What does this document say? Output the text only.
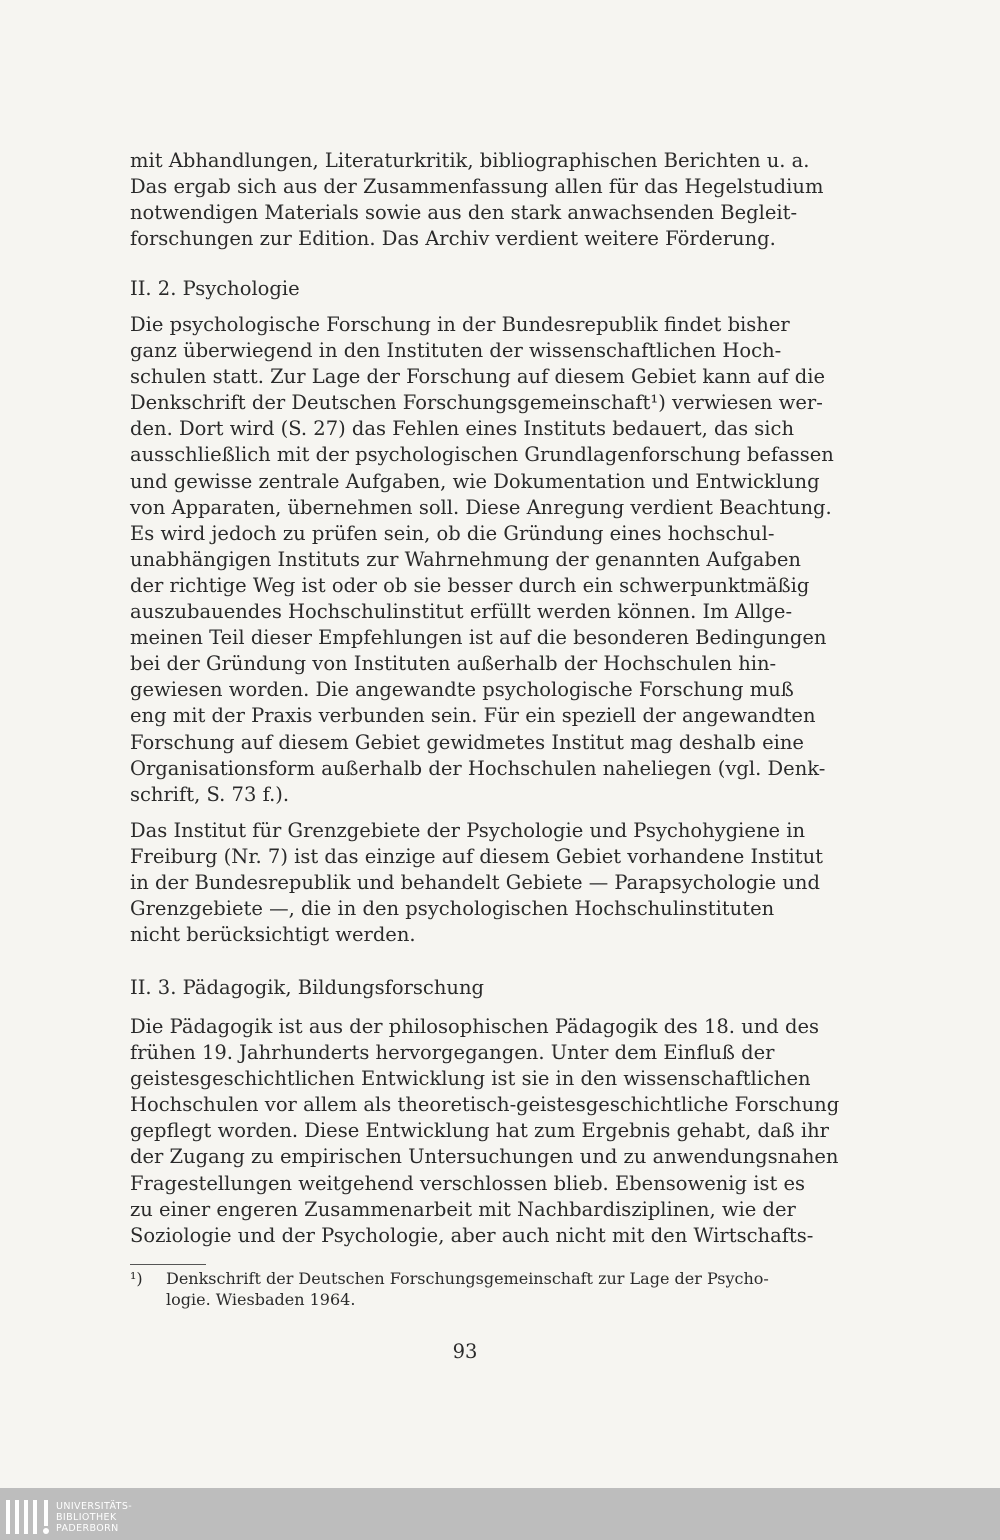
mit Abhandlungen, Literaturkritik, bibliographischen Berichten u. a.
Das ergab sich aus der Zusammenfassung allen für das Hegelstudium
notwendigen Materials sowie aus den stark anwachsenden Begleit-
forschungen zur Edition. Das Archiv verdient weitere Förderung.
II. 2. Psychologie
Die psychologische Forschung in der Bundesrepublik findet bisher
ganz überwiegend in den Instituten der wissenschaftlichen Hoch-
schulen statt. Zur Lage der Forschung auf diesem Gebiet kann auf die
Denkschrift der Deutschen Forschungsgemeinschaft¹) verwiesen wer-
den. Dort wird (S. 27) das Fehlen eines Instituts bedauert, das sich
ausschließlich mit der psychologischen Grundlagenforschung befassen
und gewisse zentrale Aufgaben, wie Dokumentation und Entwicklung
von Apparaten, übernehmen soll. Diese Anregung verdient Beachtung.
Es wird jedoch zu prüfen sein, ob die Gründung eines hochschul-
unabhängigen Instituts zur Wahrnehmung der genannten Aufgaben
der richtige Weg ist oder ob sie besser durch ein schwerpunktmäßig
auszubauendes Hochschulinstitut erfüllt werden können. Im Allge-
meinen Teil dieser Empfehlungen ist auf die besonderen Bedingungen
bei der Gründung von Instituten außerhalb der Hochschulen hin-
gewiesen worden. Die angewandte psychologische Forschung muß
eng mit der Praxis verbunden sein. Für ein speziell der angewandten
Forschung auf diesem Gebiet gewidmetes Institut mag deshalb eine
Organisationsform außerhalb der Hochschulen naheliegen (vgl. Denk-
schrift, S. 73 f.).
Das Institut für Grenzgebiete der Psychologie und Psychohygiene in
Freiburg (Nr. 7) ist das einzige auf diesem Gebiet vorhandene Institut
in der Bundesrepublik und behandelt Gebiete — Parapsychologie und
Grenzgebiete —, die in den psychologischen Hochschulinstituten
nicht berücksichtigt werden.
II. 3. Pädagogik, Bildungsforschung
Die Pädagogik ist aus der philosophischen Pädagogik des 18. und des
frühen 19. Jahrhunderts hervorgegangen. Unter dem Einfluß der
geistesgeschichtlichen Entwicklung ist sie in den wissenschaftlichen
Hochschulen vor allem als theoretisch-geistesgeschichtliche Forschung
gepflegt worden. Diese Entwicklung hat zum Ergebnis gehabt, daß ihr
der Zugang zu empirischen Untersuchungen und zu anwendungsnahen
Fragestellungen weitgehend verschlossen blieb. Ebensowenig ist es
zu einer engeren Zusammenarbeit mit Nachbardisziplinen, wie der
Soziologie und der Psychologie, aber auch nicht mit den Wirtschafts-
¹) Denkschrift der Deutschen Forschungsgemeinschaft zur Lage der Psycho-
logie. Wiesbaden 1964.
93
UNIVERSITÄTS-
BIBLIOTHEK
PADERBORN
